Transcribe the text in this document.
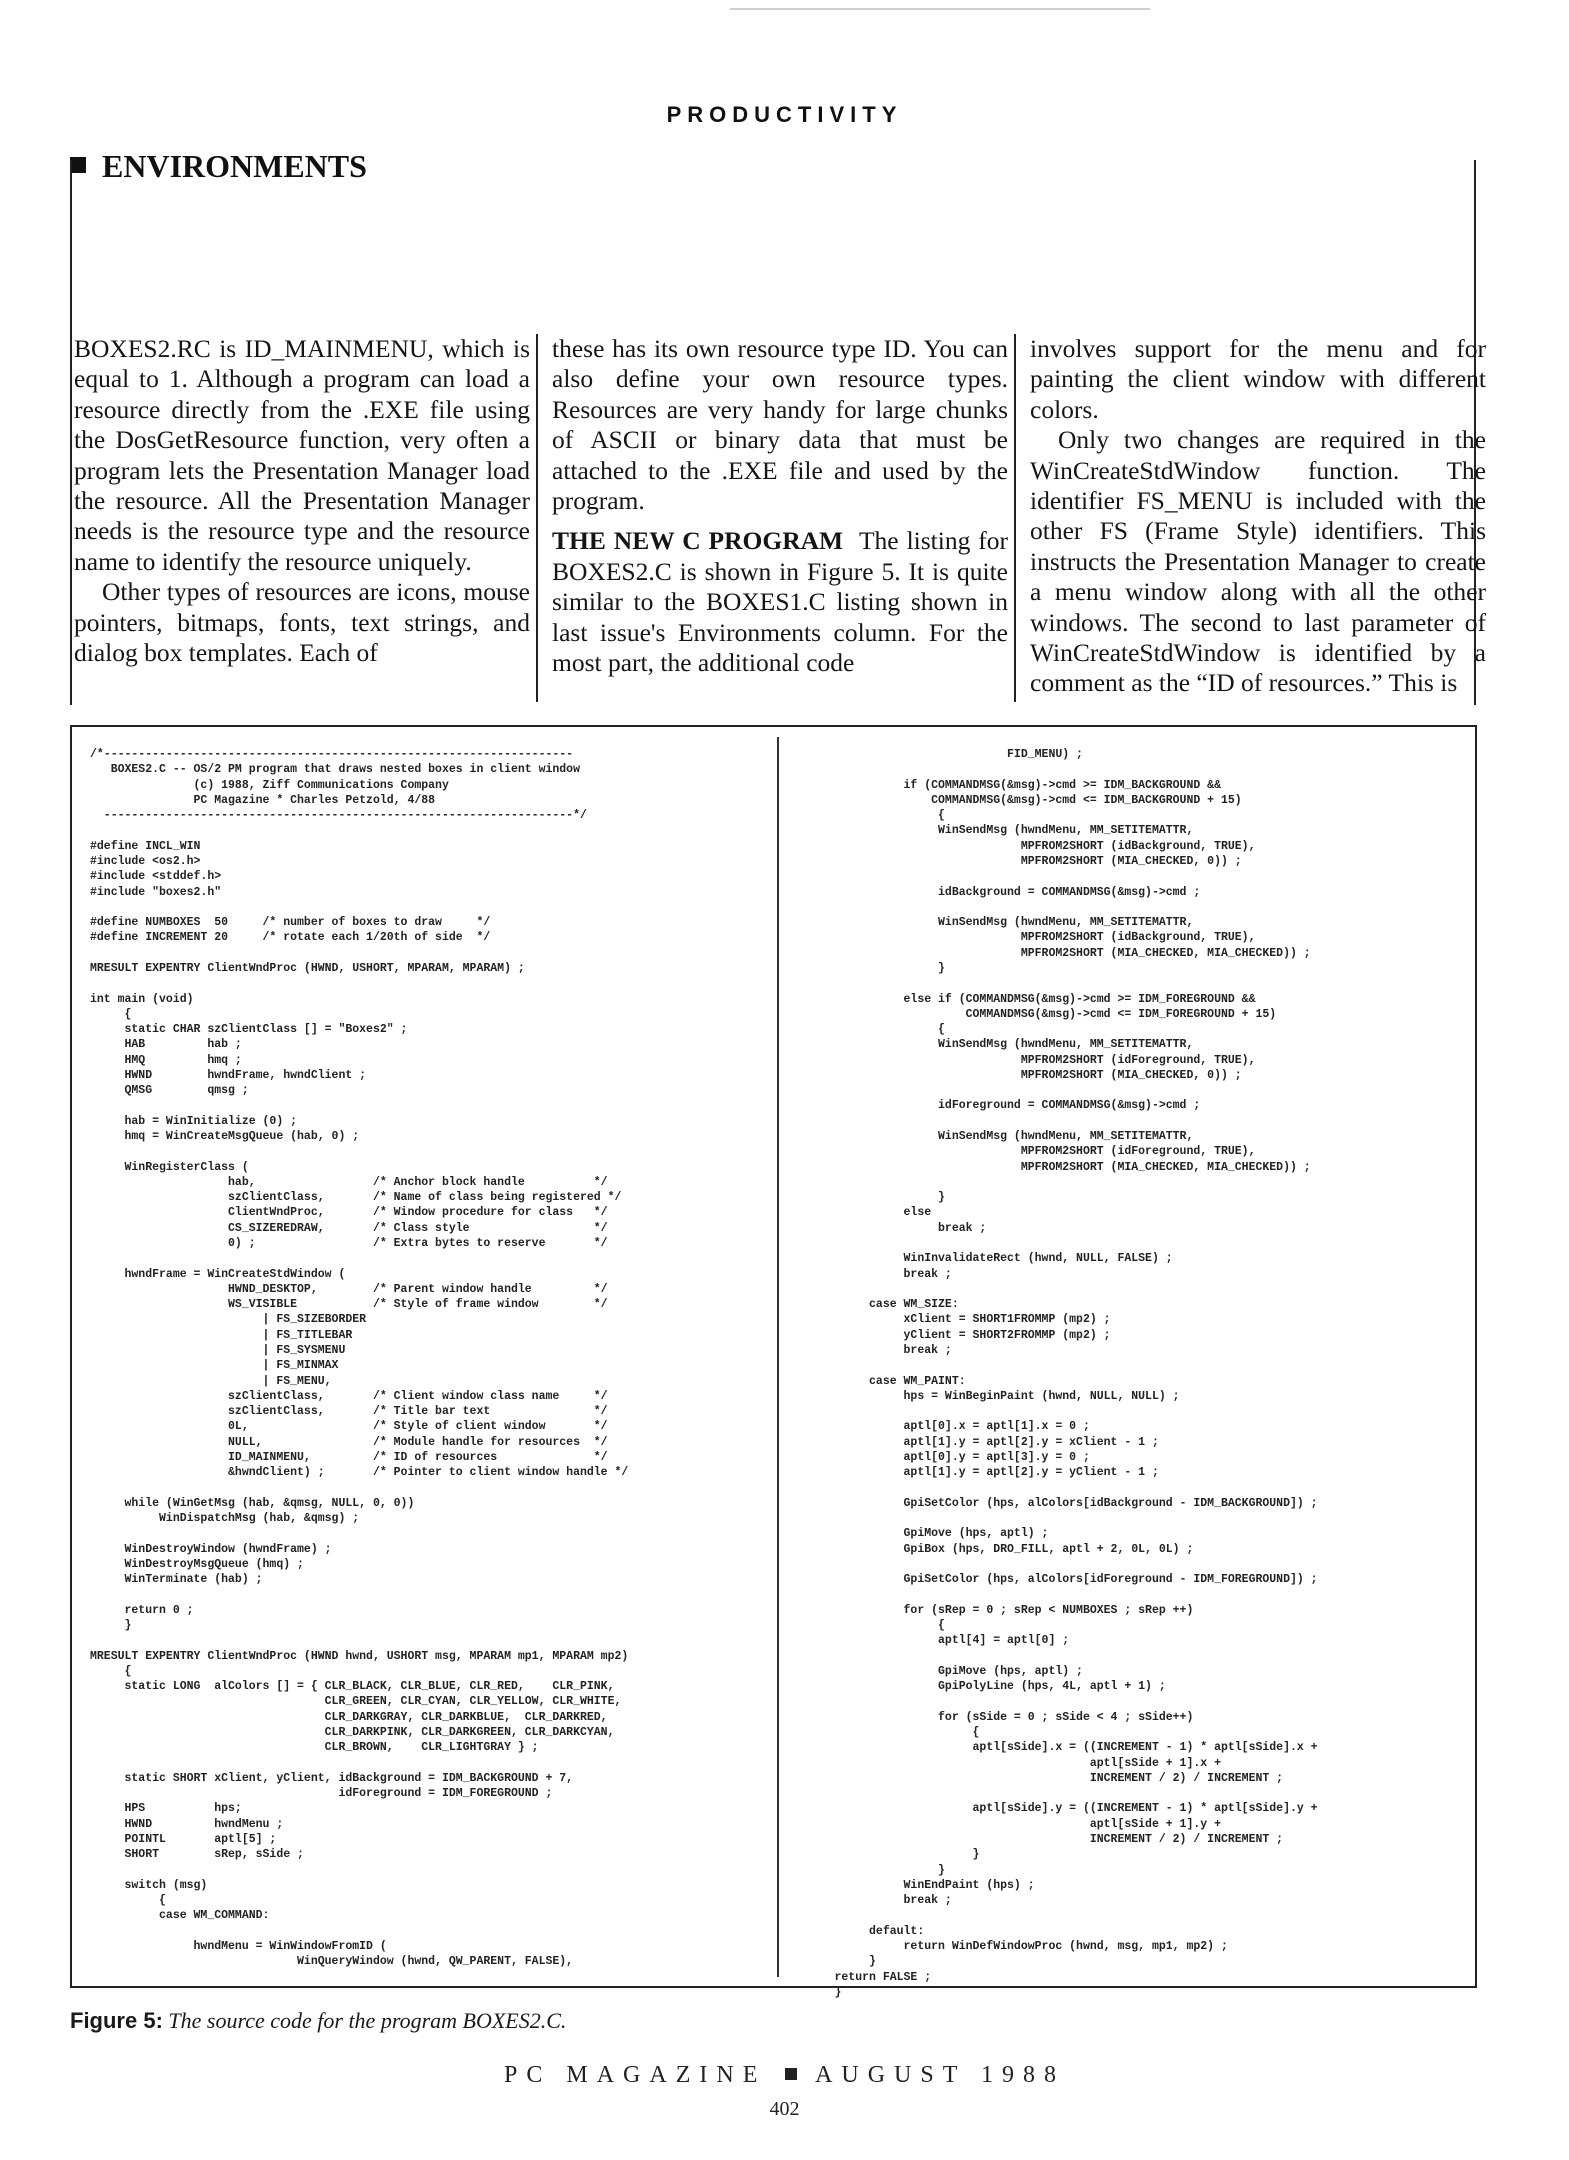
PRODUCTIVITY
ENVIRONMENTS

BOXES2.RC is ID_MAINMENU, which is equal to 1. Although a program can load a resource directly from the .EXE file using the DosGetResource function, very often a program lets the Presentation Manager load the resource. All the Presentation Manager needs is the resource type and the resource name to identify the resource uniquely.

Other types of resources are icons, mouse pointers, bitmaps, fonts, text strings, and dialog box templates. Each of

these has its own resource type ID. You can also define your own resource types. Resources are very handy for large chunks of ASCII or binary data that must be attached to the .EXE file and used by the program.

THE NEW C PROGRAM The listing for BOXES2.C is shown in Figure 5. It is quite similar to the BOXES1.C listing shown in last issue's Environments column. For the most part, the additional code

involves support for the menu and for painting the client window with different colors.

Only two changes are required in the WinCreateStdWindow function. The identifier FS_MENU is included with the other FS (Frame Style) identifiers. This instructs the Presentation Manager to create a menu window along with all the other windows. The second to last parameter of WinCreateStdWindow is identified by a comment as the “ID of resources.” This is

/*--------------------------------------------------------------------
BOXES2.C -- OS/2 PM program that draws nested boxes in client window
(c) 1988, Ziff Communications Company
PC Magazine * Charles Petzold, 4/88
--------------------------------------------------------------------*/

#define INCL_WIN
#include <os2.h>
#include <stddef.h>
#include "boxes2.h"

#define NUMBOXES  50     /* number of boxes to draw     */
#define INCREMENT 20     /* rotate each 1/20th of side  */

MRESULT EXPENTRY ClientWndProc (HWND, USHORT, MPARAM, MPARAM) ;

int main (void)
{
static CHAR szClientClass [] = "Boxes2" ;
HAB         hab ;
HMQ         hmq ;
HWND        hwndFrame, hwndClient ;
QMSG        qmsg ;

hab = WinInitialize (0) ;
hmq = WinCreateMsgQueue (hab, 0) ;

WinRegisterClass (
hab,                 /* Anchor block handle          */
szClientClass,       /* Name of class being registered */
ClientWndProc,       /* Window procedure for class   */
CS_SIZEREDRAW,       /* Class style                  */
0) ;                 /* Extra bytes to reserve       */

hwndFrame = WinCreateStdWindow (
HWND_DESKTOP,        /* Parent window handle         */
WS_VISIBLE           /* Style of frame window        */
| FS_SIZEBORDER
| FS_TITLEBAR
| FS_SYSMENU
| FS_MINMAX
| FS_MENU,
szClientClass,       /* Client window class name     */
szClientClass,       /* Title bar text               */
0L,                  /* Style of client window       */
NULL,                /* Module handle for resources  */
ID_MAINMENU,         /* ID of resources              */
&hwndClient) ;       /* Pointer to client window handle */

while (WinGetMsg (hab, &qmsg, NULL, 0, 0))
WinDispatchMsg (hab, &qmsg) ;

WinDestroyWindow (hwndFrame) ;
WinDestroyMsgQueue (hmq) ;
WinTerminate (hab) ;

return 0 ;
}

MRESULT EXPENTRY ClientWndProc (HWND hwnd, USHORT msg, MPARAM mp1, MPARAM mp2)
{
static LONG  alColors [] = { CLR_BLACK, CLR_BLUE, CLR_RED,    CLR_PINK,
CLR_GREEN, CLR_CYAN, CLR_YELLOW, CLR_WHITE,
CLR_DARKGRAY, CLR_DARKBLUE,  CLR_DARKRED,
CLR_DARKPINK, CLR_DARKGREEN, CLR_DARKCYAN,
CLR_BROWN,    CLR_LIGHTGRAY } ;

static SHORT xClient, yClient, idBackground = IDM_BACKGROUND + 7,
idForeground = IDM_FOREGROUND ;
HPS          hps;
HWND         hwndMenu ;
POINTL       aptl[5] ;
SHORT        sRep, sSide ;

switch (msg)
{
case WM_COMMAND:

hwndMenu = WinWindowFromID (
WinQueryWindow (hwnd, QW_PARENT, FALSE),
FID_MENU) ;

if (COMMANDMSG(&msg)->cmd >= IDM_BACKGROUND &&
COMMANDMSG(&msg)->cmd <= IDM_BACKGROUND + 15)
{
WinSendMsg (hwndMenu, MM_SETITEMATTR,
MPFROM2SHORT (idBackground, TRUE),
MPFROM2SHORT (MIA_CHECKED, 0)) ;

idBackground = COMMANDMSG(&msg)->cmd ;

WinSendMsg (hwndMenu, MM_SETITEMATTR,
MPFROM2SHORT (idBackground, TRUE),
MPFROM2SHORT (MIA_CHECKED, MIA_CHECKED)) ;
}

else if (COMMANDMSG(&msg)->cmd >= IDM_FOREGROUND &&
COMMANDMSG(&msg)->cmd <= IDM_FOREGROUND + 15)
{
WinSendMsg (hwndMenu, MM_SETITEMATTR,
MPFROM2SHORT (idForeground, TRUE),
MPFROM2SHORT (MIA_CHECKED, 0)) ;

idForeground = COMMANDMSG(&msg)->cmd ;

WinSendMsg (hwndMenu, MM_SETITEMATTR,
MPFROM2SHORT (idForeground, TRUE),
MPFROM2SHORT (MIA_CHECKED, MIA_CHECKED)) ;

}
else
break ;

WinInvalidateRect (hwnd, NULL, FALSE) ;
break ;

case WM_SIZE:
xClient = SHORT1FROMMP (mp2) ;
yClient = SHORT2FROMMP (mp2) ;
break ;

case WM_PAINT:
hps = WinBeginPaint (hwnd, NULL, NULL) ;

aptl[0].x = aptl[1].x = 0 ;
aptl[1].y = aptl[2].y = xClient - 1 ;
aptl[0].y = aptl[3].y = 0 ;
aptl[1].y = aptl[2].y = yClient - 1 ;

GpiSetColor (hps, alColors[idBackground - IDM_BACKGROUND]) ;

GpiMove (hps, aptl) ;
GpiBox (hps, DRO_FILL, aptl + 2, 0L, 0L) ;

GpiSetColor (hps, alColors[idForeground - IDM_FOREGROUND]) ;

for (sRep = 0 ; sRep < NUMBOXES ; sRep ++)
{
aptl[4] = aptl[0] ;

GpiMove (hps, aptl) ;
GpiPolyLine (hps, 4L, aptl + 1) ;

for (sSide = 0 ; sSide < 4 ; sSide++)
{
aptl[sSide].x = ((INCREMENT - 1) * aptl[sSide].x +
aptl[sSide + 1].x +
INCREMENT / 2) / INCREMENT ;

aptl[sSide].y = ((INCREMENT - 1) * aptl[sSide].y +
aptl[sSide + 1].y +
INCREMENT / 2) / INCREMENT ;
}
}
WinEndPaint (hps) ;
break ;

default:
return WinDefWindowProc (hwnd, msg, mp1, mp2) ;
}
return FALSE ;
}
Figure 5: The source code for the program BOXES2.C.
PC MAGAZINE AUGUST 1988
402
